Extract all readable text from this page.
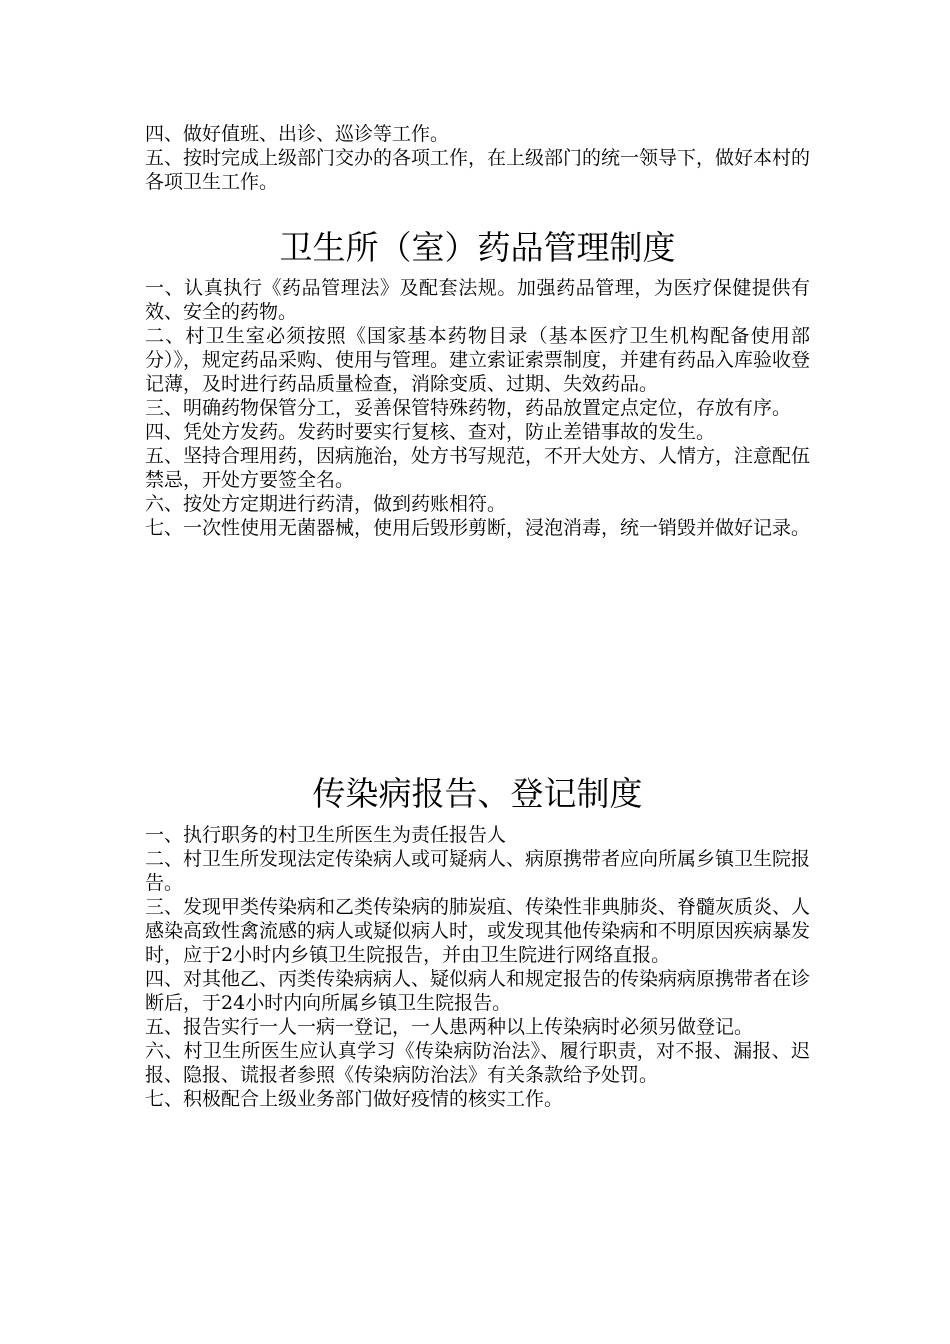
四、做好值班、出诊、巡诊等工作。

五、按时完成上级部门交办的各项工作，在上级部门的统一领导下，做好本村的各项卫生工作。

卫生所（室）药品管理制度

一、认真执行《药品管理法》及配套法规。加强药品管理，为医疗保健提供有效、安全的药物。

二、村卫生室必须按照《国家基本药物目录（基本医疗卫生机构配备使用部分）》，规定药品采购、使用与管理。建立索证索票制度，并建有药品入库验收登记薄，及时进行药品质量检查，消除变质、过期、失效药品。

三、明确药物保管分工，妥善保管特殊药物，药品放置定点定位，存放有序。

四、凭处方发药。发药时要实行复核、查对，防止差错事故的发生。

五、坚持合理用药，因病施治，处方书写规范，不开大处方、人情方，注意配伍禁忌，开处方要签全名。

六、按处方定期进行药清，做到药账相符。

七、一次性使用无菌器械，使用后毁形剪断，浸泡消毒，统一销毁并做好记录。

传染病报告、登记制度

一、执行职务的村卫生所医生为责任报告人

二、村卫生所发现法定传染病人或可疑病人、病原携带者应向所属乡镇卫生院报告。

三、发现甲类传染病和乙类传染病的肺炭疽、传染性非典肺炎、脊髓灰质炎、人感染高致性禽流感的病人或疑似病人时，或发现其他传染病和不明原因疾病暴发时，应于2小时内乡镇卫生院报告，并由卫生院进行网络直报。

四、对其他乙、丙类传染病病人、疑似病人和规定报告的传染病病原携带者在诊断后，于24小时内向所属乡镇卫生院报告。

五、报告实行一人一病一登记，一人患两种以上传染病时必须另做登记。

六、村卫生所医生应认真学习《传染病防治法》、履行职责，对不报、漏报、迟报、隐报、谎报者参照《传染病防治法》有关条款给予处罚。

七、积极配合上级业务部门做好疫情的核实工作。
